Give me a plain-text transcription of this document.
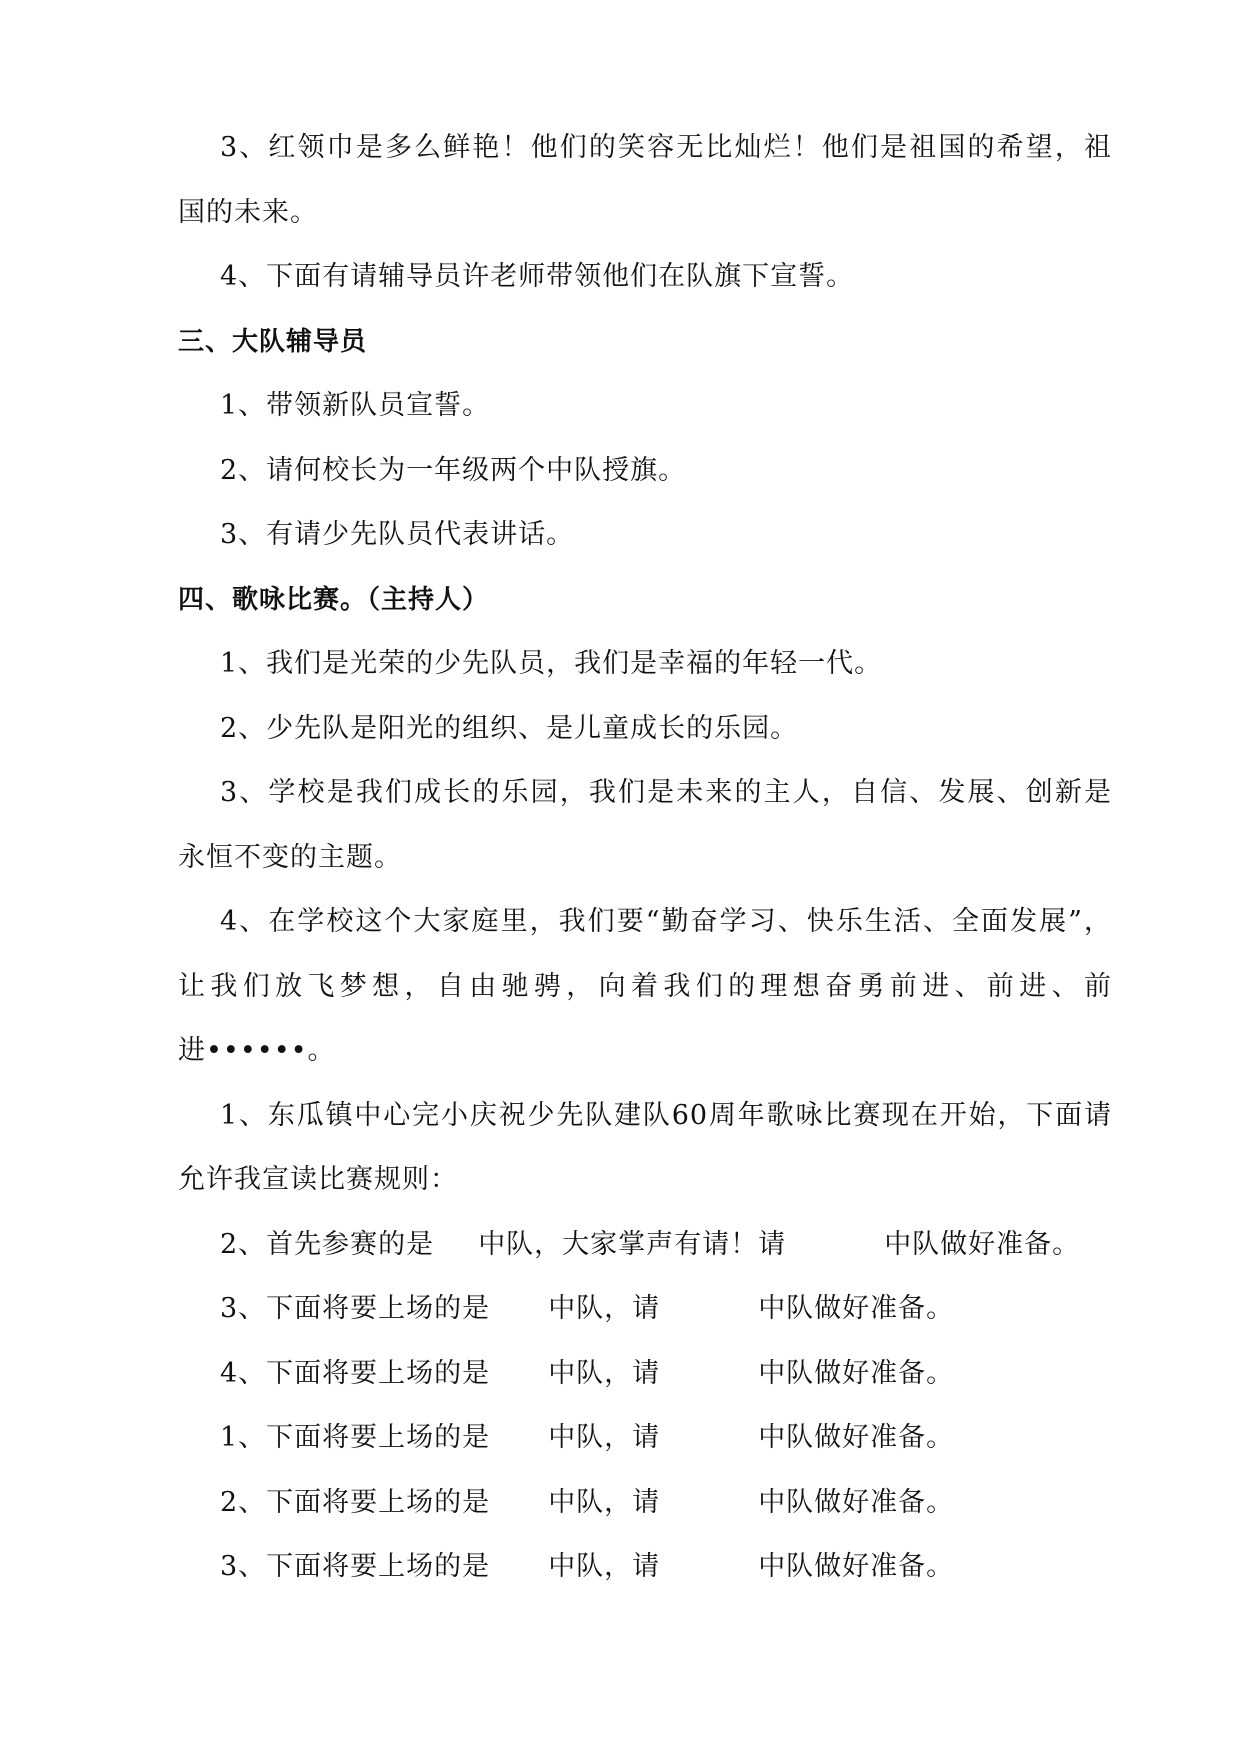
3、红领巾是多么鲜艳！他们的笑容无比灿烂！他们是祖国的希望，祖
国的未来。
4、下面有请辅导员许老师带领他们在队旗下宣誓。
三、大队辅导员
1、带领新队员宣誓。
2、请何校长为一年级两个中队授旗。
3、有请少先队员代表讲话。
四、歌咏比赛。（主持人）
1、我们是光荣的少先队员，我们是幸福的年轻一代。
2、少先队是阳光的组织、是儿童成长的乐园。
3、学校是我们成长的乐园，我们是未来的主人，自信、发展、创新是
永恒不变的主题。
4、在学校这个大家庭里，我们要“勤奋学习、快乐生活、全面发展”，
让我们放飞梦想，自由驰骋，向着我们的理想奋勇前进、前进、前
进••••••。
1、东瓜镇中心完小庆祝少先队建队60周年歌咏比赛现在开始，下面请
允许我宣读比赛规则：
2、首先参赛的是 中队，大家掌声有请！请	中队做好准备。
3、下面将要上场的是 中队，请	中队做好准备。
4、下面将要上场的是 中队，请	中队做好准备。
1、下面将要上场的是 中队，请	中队做好准备。
2、下面将要上场的是 中队，请	中队做好准备。
3、下面将要上场的是 中队，请	中队做好准备。
